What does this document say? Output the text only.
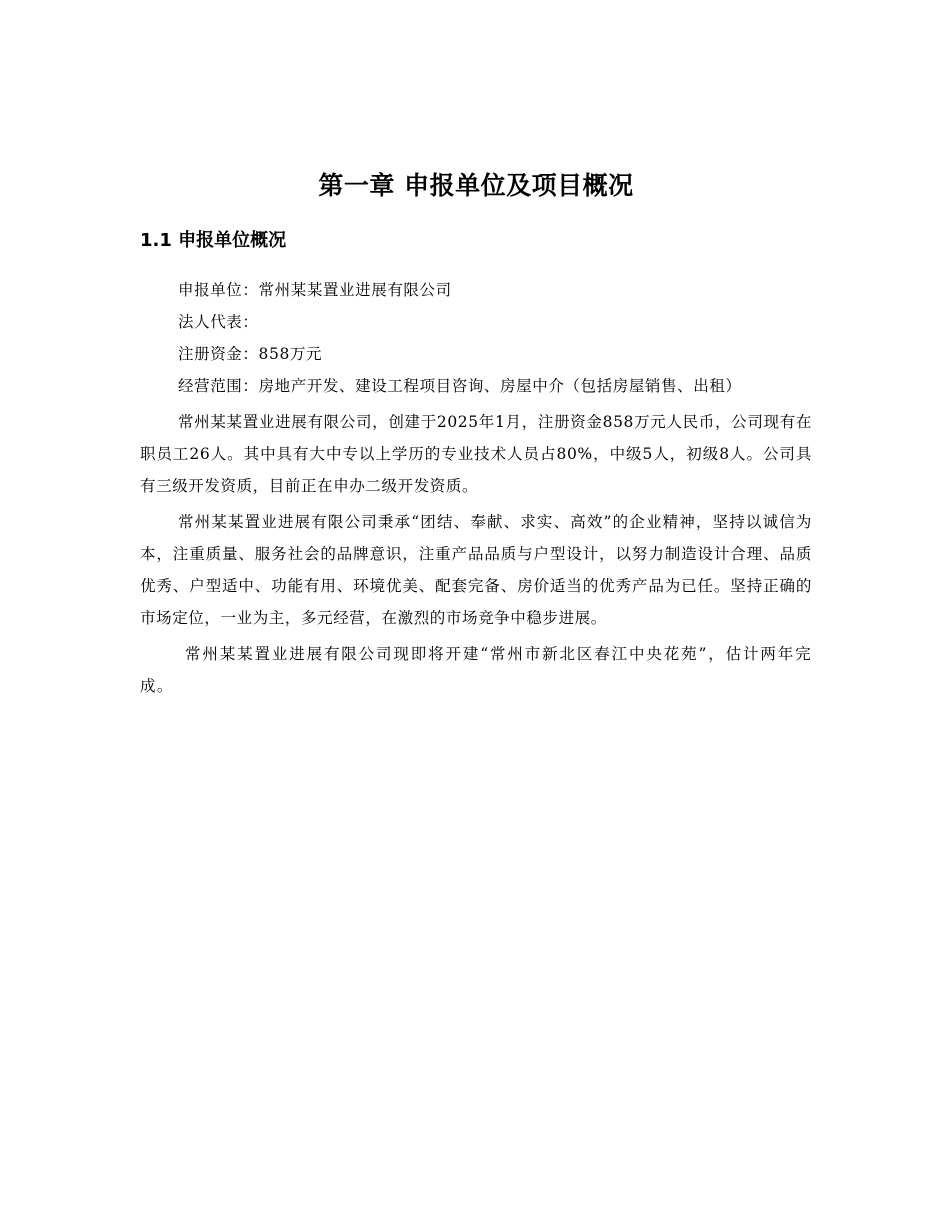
第一章 申报单位及项目概况
1.1 申报单位概况

申报单位：常州某某置业进展有限公司

法人代表：

注册资金：858万元

经营范围：房地产开发、建设工程项目咨询、房屋中介（包括房屋销售、出租）

常州某某置业进展有限公司，创建于2025年1月，注册资金858万元人民币，公司现有在职员工26人。其中具有大中专以上学历的专业技术人员占80%，中级5人，初级8人。公司具有三级开发资质，目前正在申办二级开发资质。

常州某某置业进展有限公司秉承“团结、奉献、求实、高效”的企业精神，坚持以诚信为本，注重质量、服务社会的品牌意识，注重产品品质与户型设计，以努力制造设计合理、品质优秀、户型适中、功能有用、环境优美、配套完备、房价适当的优秀产品为已任。坚持正确的市场定位，一业为主，多元经营，在激烈的市场竞争中稳步进展。

常州某某置业进展有限公司现即将开建“常州市新北区春江中央花苑”，估计两年完成。
